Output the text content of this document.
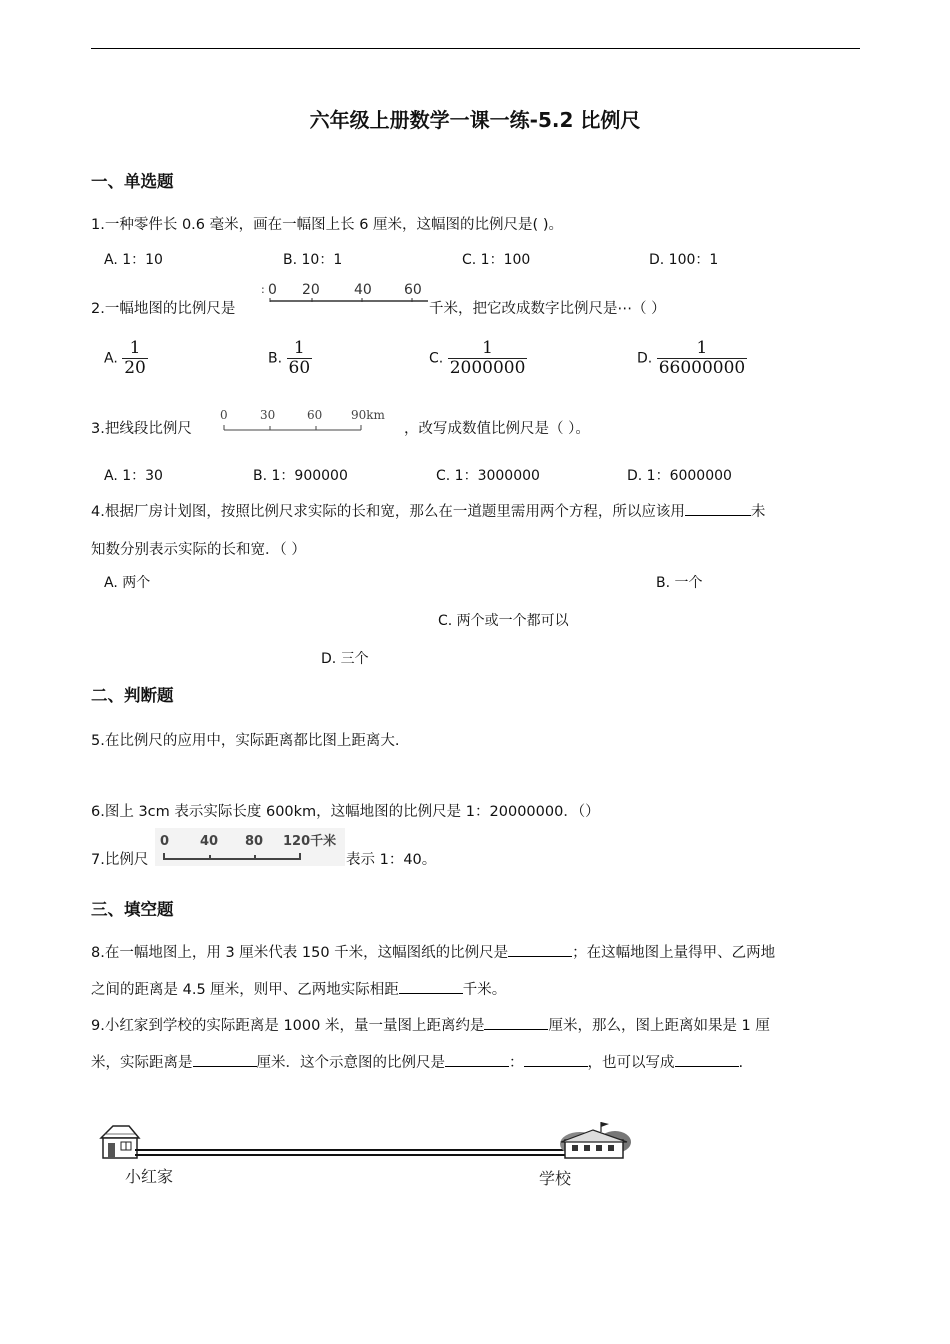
六年级上册数学一课一练-5.2 比例尺
一、单选题
1.一种零件长 0.6 毫米，画在一幅图上长 6 厘米，这幅图的比例尺是( )。
A. 1：10	B. 10：1	C. 1：100	D. 100：1
2.一幅地图的比例尺是
: 0 20 40 60
千米，把它改成数字比例尺是⋯（ ）
A. $\frac{1}{20}$	B. $\frac{1}{60}$	C. $\frac{1}{2000000}$	D. $\frac{1}{66000000}$
3.把线段比例尺
0	30	60 90km
，改写成数值比例尺是（ ）。
A. 1：30	B. 1：900000	C. 1：3000000	D. 1：6000000
4.根据厂房计划图，按照比例尺求实际的长和宽，那么在一道题里需用两个方程，所以应该用	未
知数分别表示实际的长和宽．（ ）
A. 两个	B. 一个
C. 两个或一个都可以
D. 三个
二、判断题
5.在比例尺的应用中，实际距离都比图上距离大.
6.图上 3cm 表示实际长度 600km，这幅地图的比例尺是 1：20000000．（）
7.比例尺
0 40 80 120千米
表示 1：40。
三、填空题
8.在一幅地图上，用 3 厘米代表 150 千米，这幅图纸的比例尺是	；在这幅地图上量得甲、乙两地
之间的距离是 4.5 厘米，则甲、乙两地实际相距	千米。
9.小红家到学校的实际距离是 1000 米，量一量图上距离约是	厘米，那么，图上距离如果是 1 厘
米，实际距离是	厘米．这个示意图的比例尺是	：	，也可以写成	.
小红家	学校
